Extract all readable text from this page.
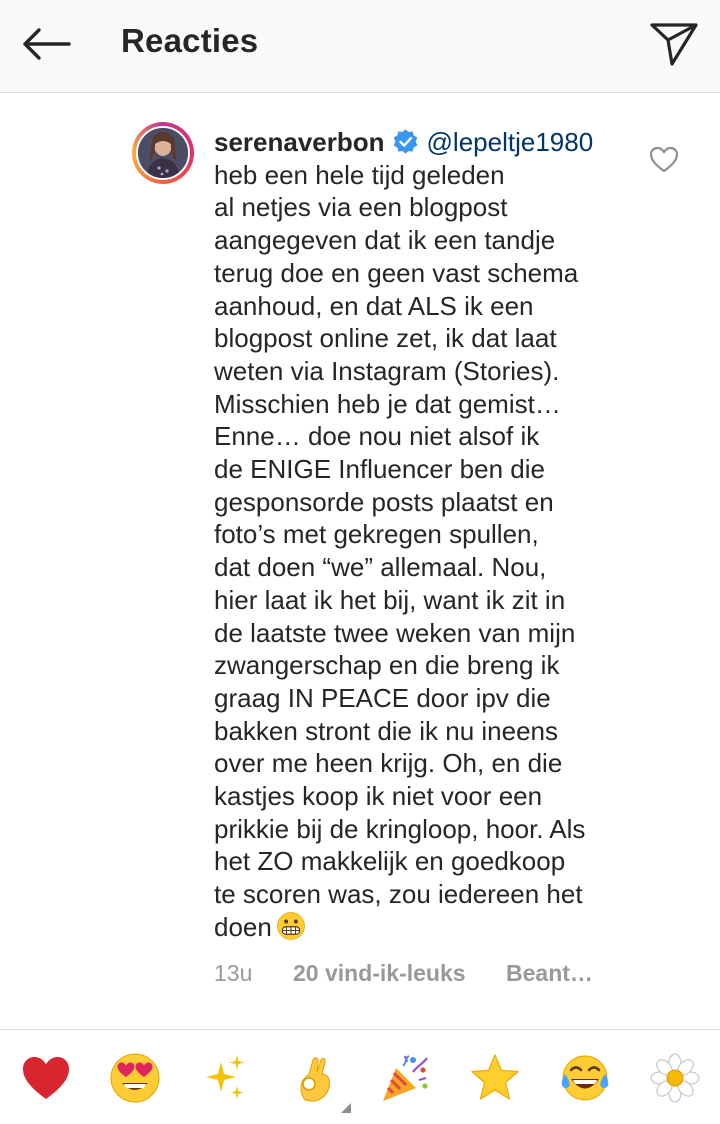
Reacties
serenaverbon @lepeltje1980
heb een hele tijd geleden
al netjes via een blogpost
aangegeven dat ik een tandje
terug doe en geen vast schema
aanhoud, en dat ALS ik een
blogpost online zet, ik dat laat
weten via Instagram (Stories).
Misschien heb je dat gemist…
Enne… doe nou niet alsof ik
de ENIGE Influencer ben die
gesponsorde posts plaatst en
foto’s met gekregen spullen,
dat doen “we” allemaal. Nou,
hier laat ik het bij, want ik zit in
de laatste twee weken van mijn
zwangerschap en die breng ik
graag IN PEACE door ipv die
bakken stront die ik nu ineens
over me heen krijg. Oh, en die
kastjes koop ik niet voor een
prikkie bij de kringloop, hoor. Als
het ZO makkelijk en goedkoop
te scoren was, zou iedereen het
doen
13u	20 vind-ik-leuks	Beant…
